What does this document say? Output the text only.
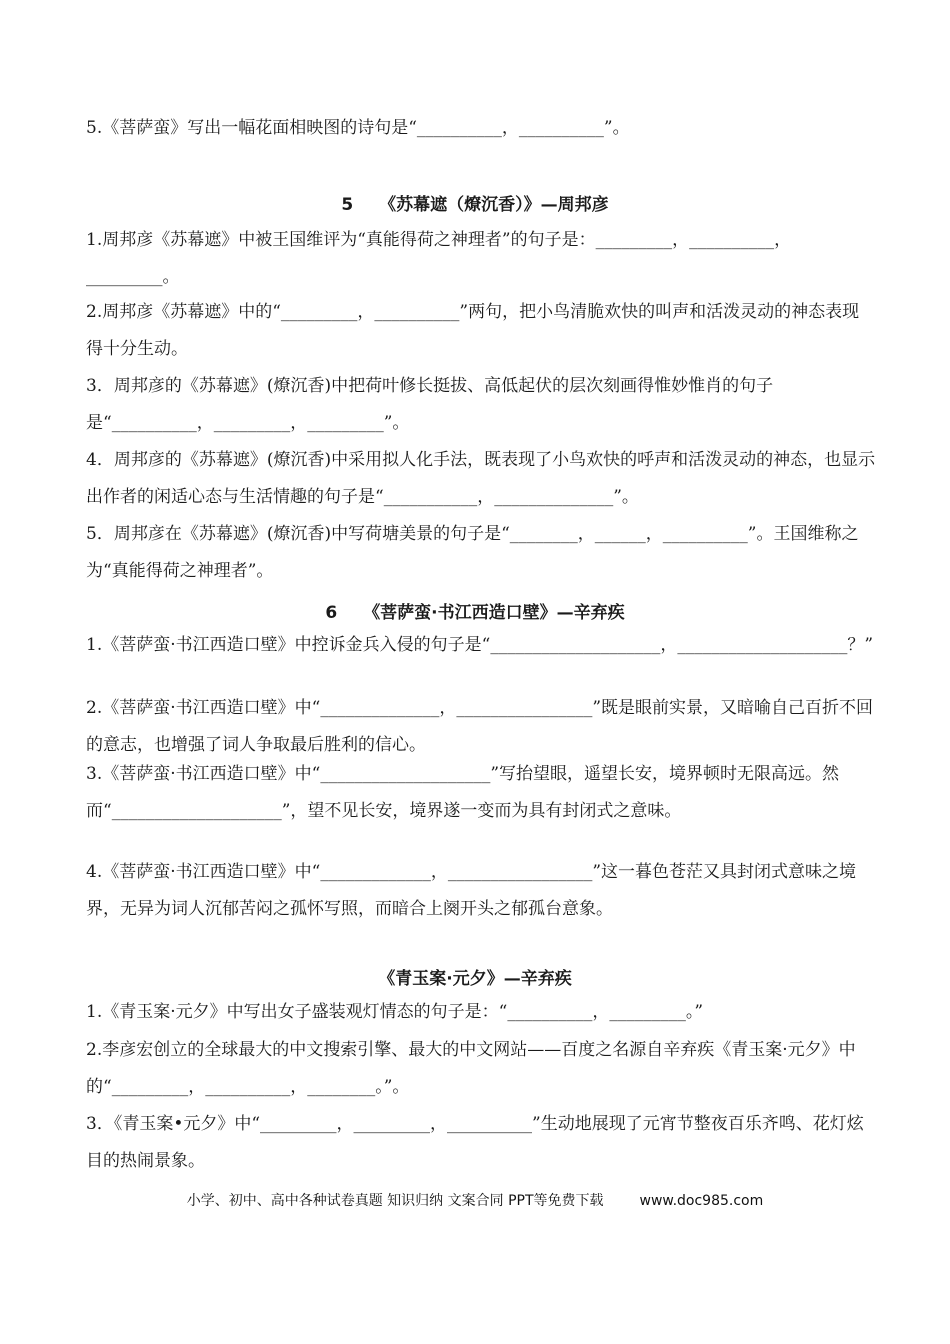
5.《菩萨蛮》写出一幅花面相映图的诗句是“__________，__________”。
5 《苏幕遮（燎沉香）》—周邦彦
1.周邦彦《苏幕遮》中被王国维评为“真能得荷之神理者”的句子是：_________，__________，_________。
2.周邦彦《苏幕遮》中的“_________，__________”两句，把小鸟清脆欢快的叫声和活泼灵动的神态表现得十分生动。
3．周邦彦的《苏幕遮》(燎沉香)中把荷叶修长挺拔、高低起伏的层次刻画得惟妙惟肖的句子是“__________，_________，_________”。
4．周邦彦的《苏幕遮》(燎沉香)中采用拟人化手法，既表现了小鸟欢快的呼声和活泼灵动的神态，也显示出作者的闲适心态与生活情趣的句子是“___________，______________”。
5．周邦彦在《苏幕遮》(燎沉香)中写荷塘美景的句子是“________，______，__________”。王国维称之为“真能得荷之神理者”。
6 《菩萨蛮·书江西造口壁》—辛弃疾
1.《菩萨蛮·书江西造口壁》中控诉金兵入侵的句子是“____________________，____________________？”
2.《菩萨蛮·书江西造口壁》中“______________，________________”既是眼前实景，又暗喻自己百折不回的意志，也增强了词人争取最后胜利的信心。
3.《菩萨蛮·书江西造口壁》中“____________________”写抬望眼，遥望长安，境界顿时无限高远。然而“____________________”，望不见长安，境界遂一变而为具有封闭式之意味。
4.《菩萨蛮·书江西造口壁》中“_____________，_________________”这一暮色苍茫又具封闭式意味之境界，无异为词人沉郁苦闷之孤怀写照，而暗合上阕开头之郁孤台意象。
《青玉案·元夕》—辛弃疾
1.《青玉案·元夕》中写出女子盛装观灯情态的句子是：“__________，_________。”
2.李彦宏创立的全球最大的中文搜索引擎、最大的中文网站——百度之名源自辛弃疾《青玉案·元夕》中的“_________，__________，________。”。
3．《青玉案•元夕》中“_________，_________，__________”生动地展现了元宵节整夜百乐齐鸣、花灯炫目的热闹景象。
小学、初中、高中各种试卷真题 知识归纳 文案合同 PPT等免费下载	www.doc985.com
